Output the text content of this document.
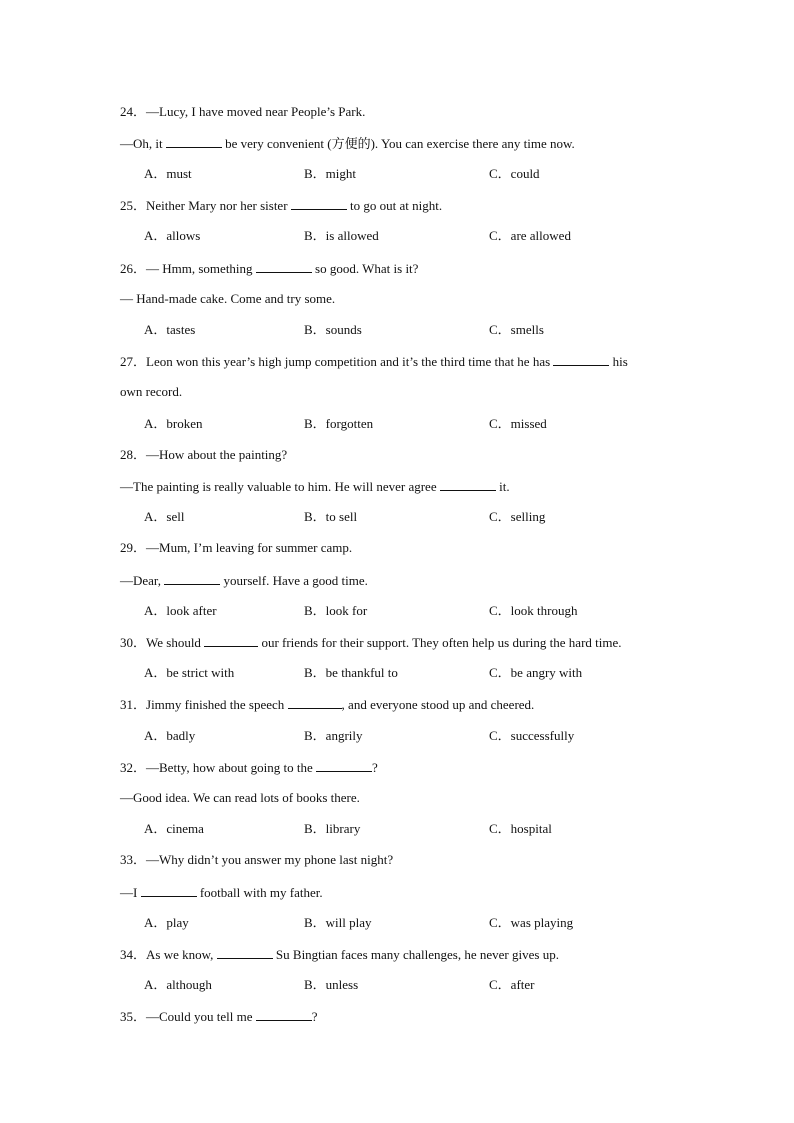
24．—Lucy, I have moved near People’s Park.
—Oh, it	be very convenient (方便的). You can exercise there any time now.
A．must	B．might	C．could
25．Neither Mary nor her sister	to go out at night.
A．allows	B．is allowed	C．are allowed
26．— Hmm, something	so good. What is it?
— Hand-made cake. Come and try some.
A．tastes	B．sounds	C．smells
27．Leon won this year’s high jump competition and it’s the third time that he has	his
own record.
A．broken	B．forgotten	C．missed
28．—How about the painting?
—The painting is really valuable to him. He will never agree	it.
A．sell	B．to sell	C．selling
29．—Mum, I’m leaving for summer camp.
—Dear,	yourself. Have a good time.
A．look after	B．look for	C．look through
30．We should	our friends for their support. They often help us during the hard time.
A．be strict with	B．be thankful to	C．be angry with
31．Jimmy finished the speech	, and everyone stood up and cheered.
A．badly	B．angrily	C．successfully
32．—Betty, how about going to the	?
—Good idea. We can read lots of books there.
A．cinema	B．library	C．hospital
33．—Why didn’t you answer my phone last night?
—I	football with my father.
A．play	B．will play	C．was playing
34．As we know,	Su Bingtian faces many challenges, he never gives up.
A．although	B．unless	C．after
35．—Could you tell me	?
